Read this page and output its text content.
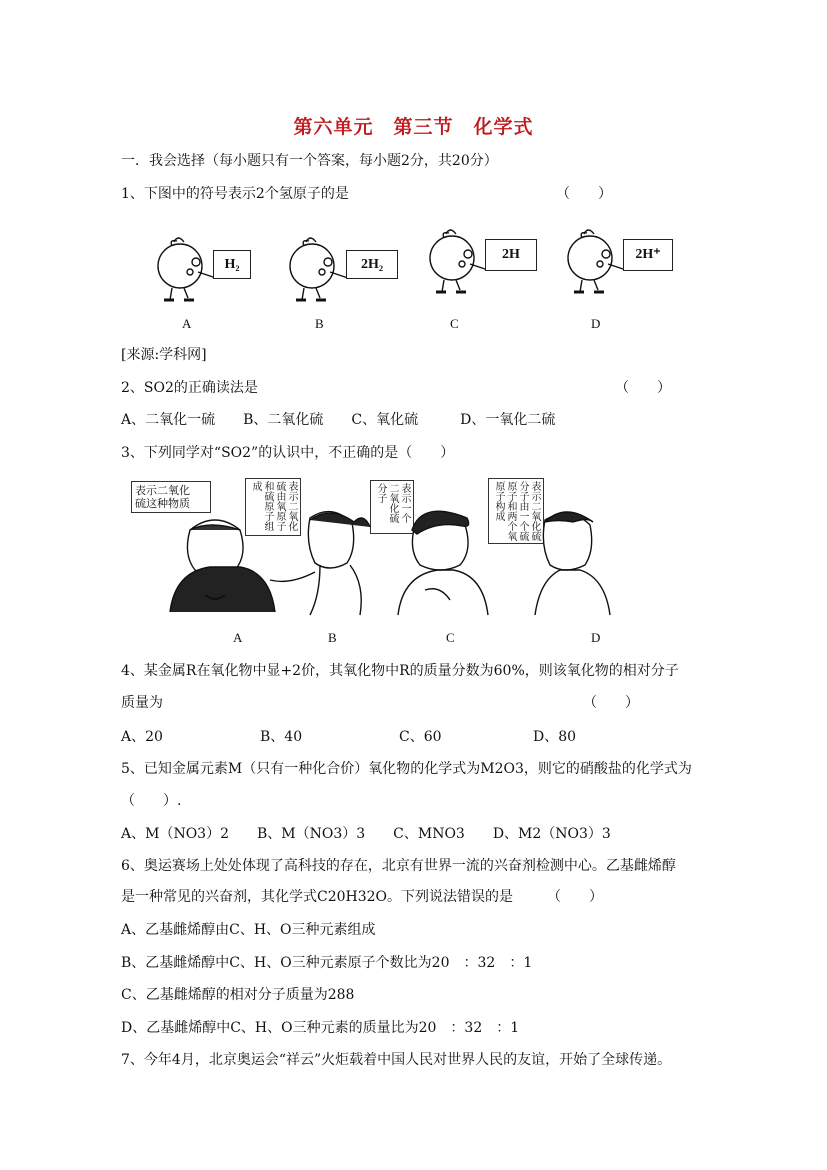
第六单元 第三节 化学式
一．我会选择（每小题只有一个答案，每小题2分，共20分）
1、下图中的符号表示2个氢原子的是	（　　）
H₂	2H₂
2H	2H⁺
A	B	C	D
[来源:学科网]
2、SO2的正确读法是	（　　）
A、二氧化一硫　　B、二氧化硫　　C、氧化硫　　　D、一氧化二硫
3、下列同学对“SO2”的认识中，不正确的是（　　）
表示二氧化
硫这种物质	表示二氧化硫由氧原子和硫原子组成	表示一个二氧化硫分子	表示二氧化硫分子由一个硫原子和两个氧原子构成
A	B	C	D
4、某金属R在氧化物中显+2价，其氧化物中R的质量分数为60%，则该氧化物的相对分子
质量为	（　　）
A、20	B、40	C、60	D、80
5、已知金属元素M（只有一种化合价）氧化物的化学式为M2O3，则它的硝酸盐的化学式为
（　　）.
A、M（NO3）2　　B、M（NO3）3　　C、MNO3　　D、M2（NO3）3
6、奥运赛场上处处体现了高科技的存在，北京有世界一流的兴奋剂检测中心。乙基雌烯醇
是一种常见的兴奋剂，其化学式C20H32O。下列说法错误的是 （　　）
A、乙基雌烯醇由C、H、O三种元素组成
B、乙基雌烯醇中C、H、O三种元素原子个数比为20　：32　：1
C、乙基雌烯醇的相对分子质量为288
D、乙基雌烯醇中C、H、O三种元素的质量比为20　：32　：1
7、今年4月，北京奥运会“祥云”火炬载着中国人民对世界人民的友谊，开始了全球传递。
